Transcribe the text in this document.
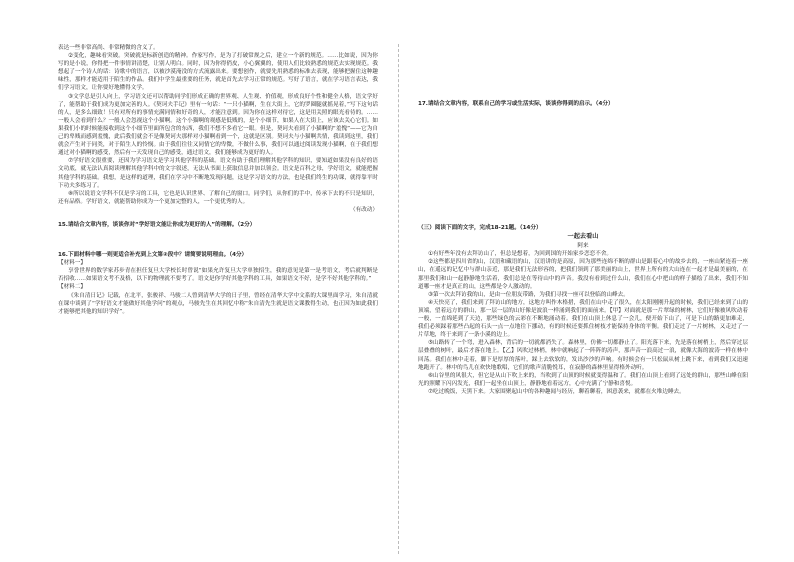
表达一些非常高尚、非常精微的含义了。

②变化，趣味看突破。突破就是标新创造的精神。作家写作，是为了打破常规之后，建立一个新的规范。……比如说，因为你写的是小说，你得把一件事情讲清楚，让别人明白。同时，因为你得俏皮，小心翼翼的，使用人们比较熟悉的规范去实现规范。我想起了一个诗人的话：诗歌中的语言，以被沙漠淹没的方式流露出来。要想创作，就要先用熟悉的标准去表现，能够把握住这种趣味性，那样才能适用于陌生的作品。我们中学生最重要的任务，就是首先去学习正常的规范。写好了语言，就在学习语言表达，我们学习语文，让你要好地懂得文学。

③文学总是引人向上，学习语文还可以帮助同学们形成正确的世界观、人生观、价值观，形成良好个性和健全人格，语文学好了，能帮助于我们成为更加完善的人。《契诃夫手记》里有一句话：“一只小猫啊，生在大街上，它的罗圈腿就摇晃着，”写下这句话的人，是多么细致！只有对所有的事情充满同情和好奇的人，才能注意到。因为你在这样对待它，这是用关照的眼光看待的。……一般人会看到什么？一般人会忽视这个小猫啊。这个小猫啊的观感是低贱的，是个小细节，如果人在大街上，应该去关心它们。如果我们小的时候能接收到这个小细节里面所包含的东西，我们不想不多看它一眼。但是，契诃夫看到了小猫啊的“羞愧”——它为自己的卑贱而感到羞愧，此后我们就会不是像契诃夫那样对小猫啊看到一个，这就是区别。契诃夫与小猫啊共情，我读到这里，我们就会产生对于同类，对于陌生人的怜悯。由于我们往往又同情它的卑微，不做什么事，我们可以通过阅读发现小猫啊，在于我们想通过对小猫啊的感受，然后有一天发现自己的感受，通过语文，我们能够成为更好的人。

⑦学好语文很重要，还因为学习语文是学习其他学科的基础。语文有助于我们理解其他学科的知识，要知道如果没有良好的语文功底，就无法认真阅读理解其他学科中的文字叙述，无法从书面上获取信息并加以领会。语文是百科之母，学好语文，就能把握其他学科的基础。我想，是这样的道理，我们在学习中不断地发现问题，这是学习语文的方法，也是我们终生的功课，就得靠平时下功夫多练习了。

⑧所以说语文学科不仅是学习的工具，它也是认识世界、了解自己的窗口。同学们，从你们的手中，传承下去的不只是知识，还有品格。学好语文，就能帮助你成为一个更加完整的人，一个更优秀的人。

（有改动）

15.请结合文章内容，谈谈你对“学好语文能让你成为更好的人”的理解。（2分）

16.下面材料中哪一则更适合补充到上文第②段中？请简要说明理由。（4分）

【材料一】

享誉世界的数学家苏步青在担任复旦大学校长时曾说“如果允许复旦大学单独招生，我的意见是第一是考语文，考后就判断是否招收……如果语文考不及格，以下的物理就不要考了。语文是你学好其他学科的工具，如果语文不好，是学不好其他学科的。”

【材料二】

《朱自清日记》记载，在北平，张骏祥、马骏二人曾到清华大学的日子里，曾经在清华大学中文系的大课里面学习，朱自清就在课中谈到了“学好语文才能做好其他学问”的观点，马骏先生在其回忆中称“朱自清先生就是语文课教得生动，也正因为如此我们才能够把其他的知识学好”。

17.请结合文章内容，联系自己的学习或生活实际，谈谈你得到的启示。（4分）

（三）阅读下面的文字，完成18-21题。（14分）

一起去看山

阿来

①有好些年没有去拜访山了，但总是想着，为回到国的开始家乡恋恋不舍。

②这些都是四川省的山，汉语和藏语的山，汉语讲的是高原，因为那些连绵不断的群山是跟着心中的故乡去的，一座山紧连着一座山，在遥远的记忆中与群山亲近，那是我们无法形容的，把我们领到了那美丽的山上，世界上所有的大山连在一起才是最美丽的，在那里我们和山一起静静地生活着，我们总是在等待山中的声音。我没有看到过什么山，我们在心中把山的样子描绘了出来，我们不知道哪一座才是真正的山，这些都是令人激动的。

③第一次去拜访我的山，是由一位朋友带路，为我们寻找一座可以登临的山峰去。

④天快亮了，我们来到了拜访山的地方，这地方叫作木格措，我们在山中走了很久，在太阳刚刚升起的时候，我们已经来到了山的顶端，望着远方的群山，那一层一层的山好像是波浪一样涌到我们的面前来。【甲】对面就是那一片翠绿的树林，它们好像被风吹动着一般，一直绵延到了天边，那些绿色的云彩在不断地涌动着。我们在山顶上休息了一会儿，便开始下山了，可是下山的路更加难走，我们必须踩着那些凸起的石头一点一点地往下挪动，有的时候还要抓住树枝才能保持身体的平衡。我们走过了一片树林，又走过了一片草地，终于来到了一条小溪的边上。

⑤山路转了一个弯，进入森林，背后的一切就都消失了。森林里，仿佛一切都静止了。阳光落下来，先是落在树梢上，然后穿过层层叠叠的树叶，最后才落在地上。【乙】风吹过林梢，林中就响起了一阵阵的涛声，那声音一浪高过一浪，就像大海的波涛一样在林中回荡。我们在林中走着，脚下是厚厚的落叶，踩上去软软的，发出沙沙的声响。有时候会有一只松鼠从树上跳下来，看到我们又迅速地跑开了。林中的鸟儿在欢快地歌唱，它们的歌声清脆悦耳，在寂静的森林里显得格外动听。

⑥山谷里的风很大，但它是从山下吹上来的，当吹到了山顶的时候就变得温和了。我们在山顶上看到了远处的群山，那些山峰在阳光的照耀下闪闪发光，我们一起坐在山顶上，静静地看着远方，心中充满了宁静和喜悦。

⑦吃过晚饭，天黑下来。大家围聚起山中的各种趣闻与经历，聊着聊着，困意袭来，就都在火堆边睡去。
